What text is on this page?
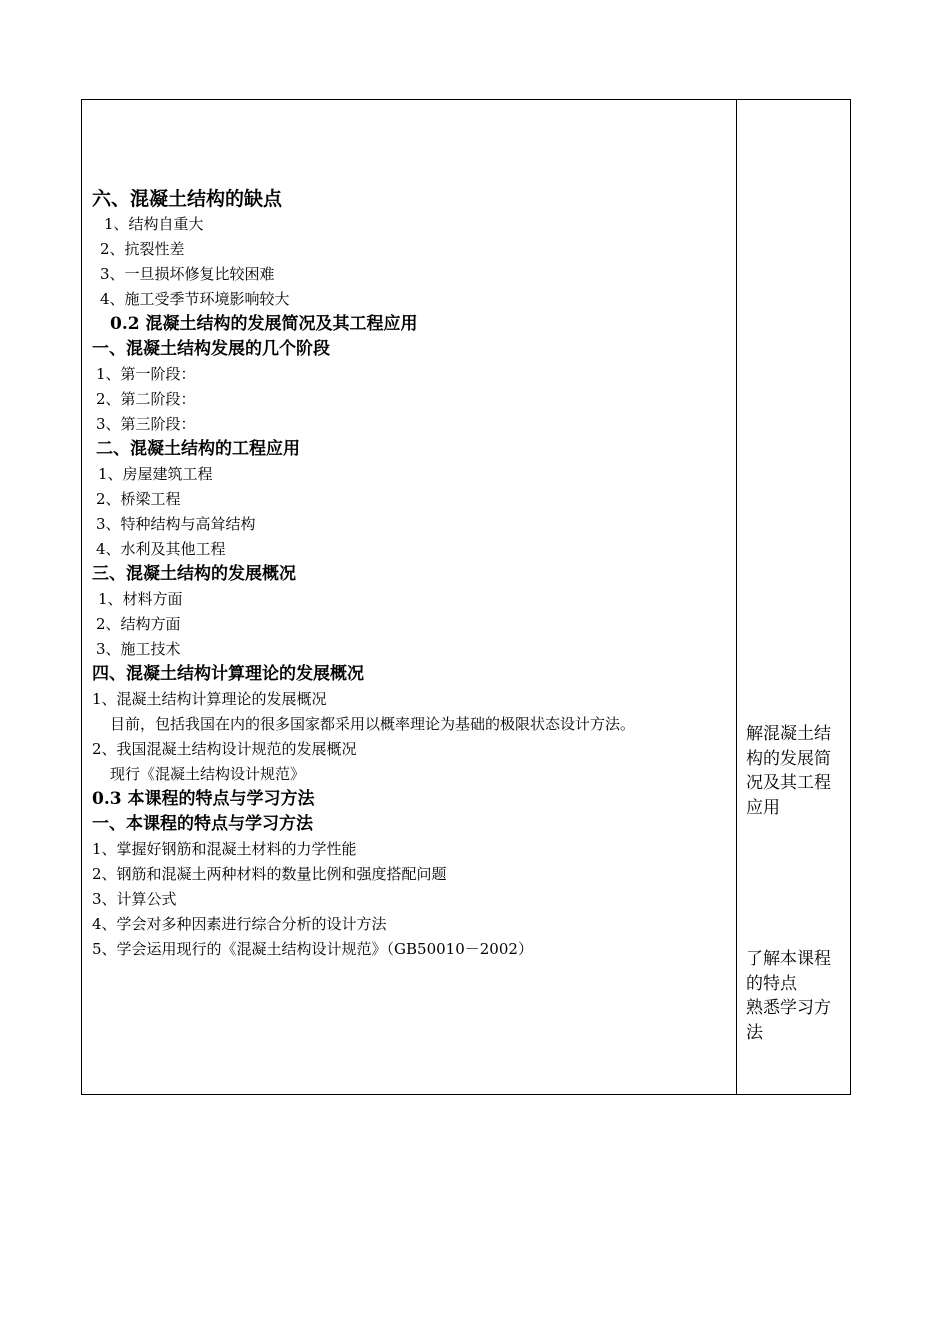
六、混凝土结构的缺点
1、结构自重大
2、抗裂性差
3、一旦损坏修复比较困难
4、施工受季节环境影响较大
0.2 混凝土结构的发展简况及其工程应用
一、混凝土结构发展的几个阶段
1、第一阶段：
2、第二阶段：
3、第三阶段：
二、混凝土结构的工程应用
1、房屋建筑工程
2、桥梁工程
3、特种结构与高耸结构
4、水利及其他工程
三、混凝土结构的发展概况
1、材料方面
2、结构方面
3、施工技术
四、混凝土结构计算理论的发展概况
1、混凝土结构计算理论的发展概况
目前，包括我国在内的很多国家都采用以概率理论为基础的极限状态设计方法。
2、我国混凝土结构设计规范的发展概况
现行《混凝土结构设计规范》
0.3 本课程的特点与学习方法
一、本课程的特点与学习方法
1、掌握好钢筋和混凝土材料的力学性能
2、钢筋和混凝土两种材料的数量比例和强度搭配问题
3、计算公式
4、学会对多种因素进行综合分析的设计方法
5、学会运用现行的《混凝土结构设计规范》（GB50010－2002）
解混凝土结
构的发展简
况及其工程
应用
了解本课程
的特点
熟悉学习方
法
